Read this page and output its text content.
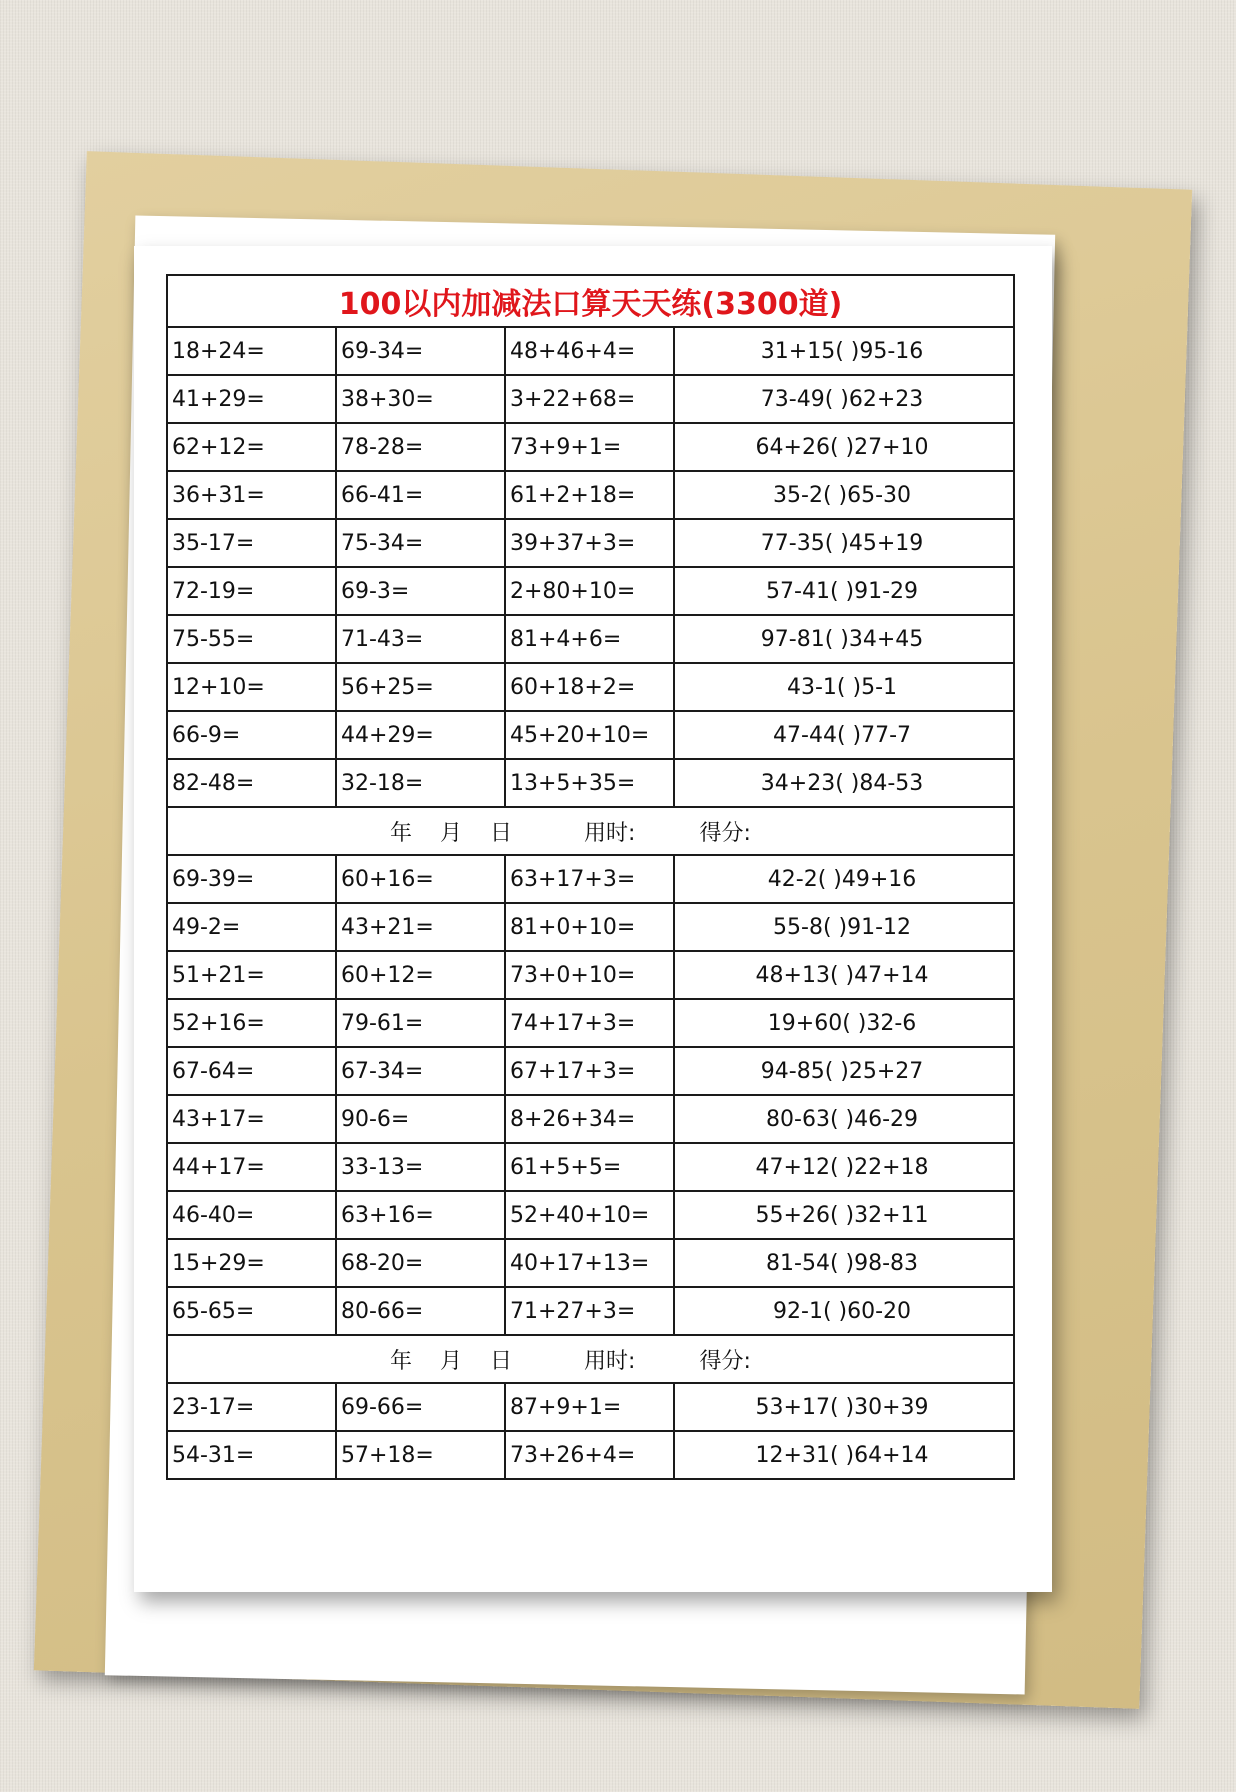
100以内加减法口算天天练(3300道)			
18+24=	69-34=	48+46+4=	31+15( )95-16
41+29=	38+30=	3+22+68=	73-49( )62+23
62+12=	78-28=	73+9+1=	64+26( )27+10
36+31=	66-41=	61+2+18=	35-2( )65-30
35-17=	75-34=	39+37+3=	77-35( )45+19
72-19=	69-3=	2+80+10=	57-41( )91-29
75-55=	71-43=	81+4+6=	97-81( )34+45
12+10=	56+25=	60+18+2=	43-1( )5-1
66-9=	44+29=	45+20+10=	47-44( )77-7
82-48=	32-18=	13+5+35=	34+23( )84-53
年 月 日 用时: 得分:			
69-39=	60+16=	63+17+3=	42-2( )49+16
49-2=	43+21=	81+0+10=	55-8( )91-12
51+21=	60+12=	73+0+10=	48+13( )47+14
52+16=	79-61=	74+17+3=	19+60( )32-6
67-64=	67-34=	67+17+3=	94-85( )25+27
43+17=	90-6=	8+26+34=	80-63( )46-29
44+17=	33-13=	61+5+5=	47+12( )22+18
46-40=	63+16=	52+40+10=	55+26( )32+11
15+29=	68-20=	40+17+13=	81-54( )98-83
65-65=	80-66=	71+27+3=	92-1( )60-20
年 月 日 用时: 得分:			
23-17=	69-66=	87+9+1=	53+17( )30+39
54-31=	57+18=	73+26+4=	12+31( )64+14
